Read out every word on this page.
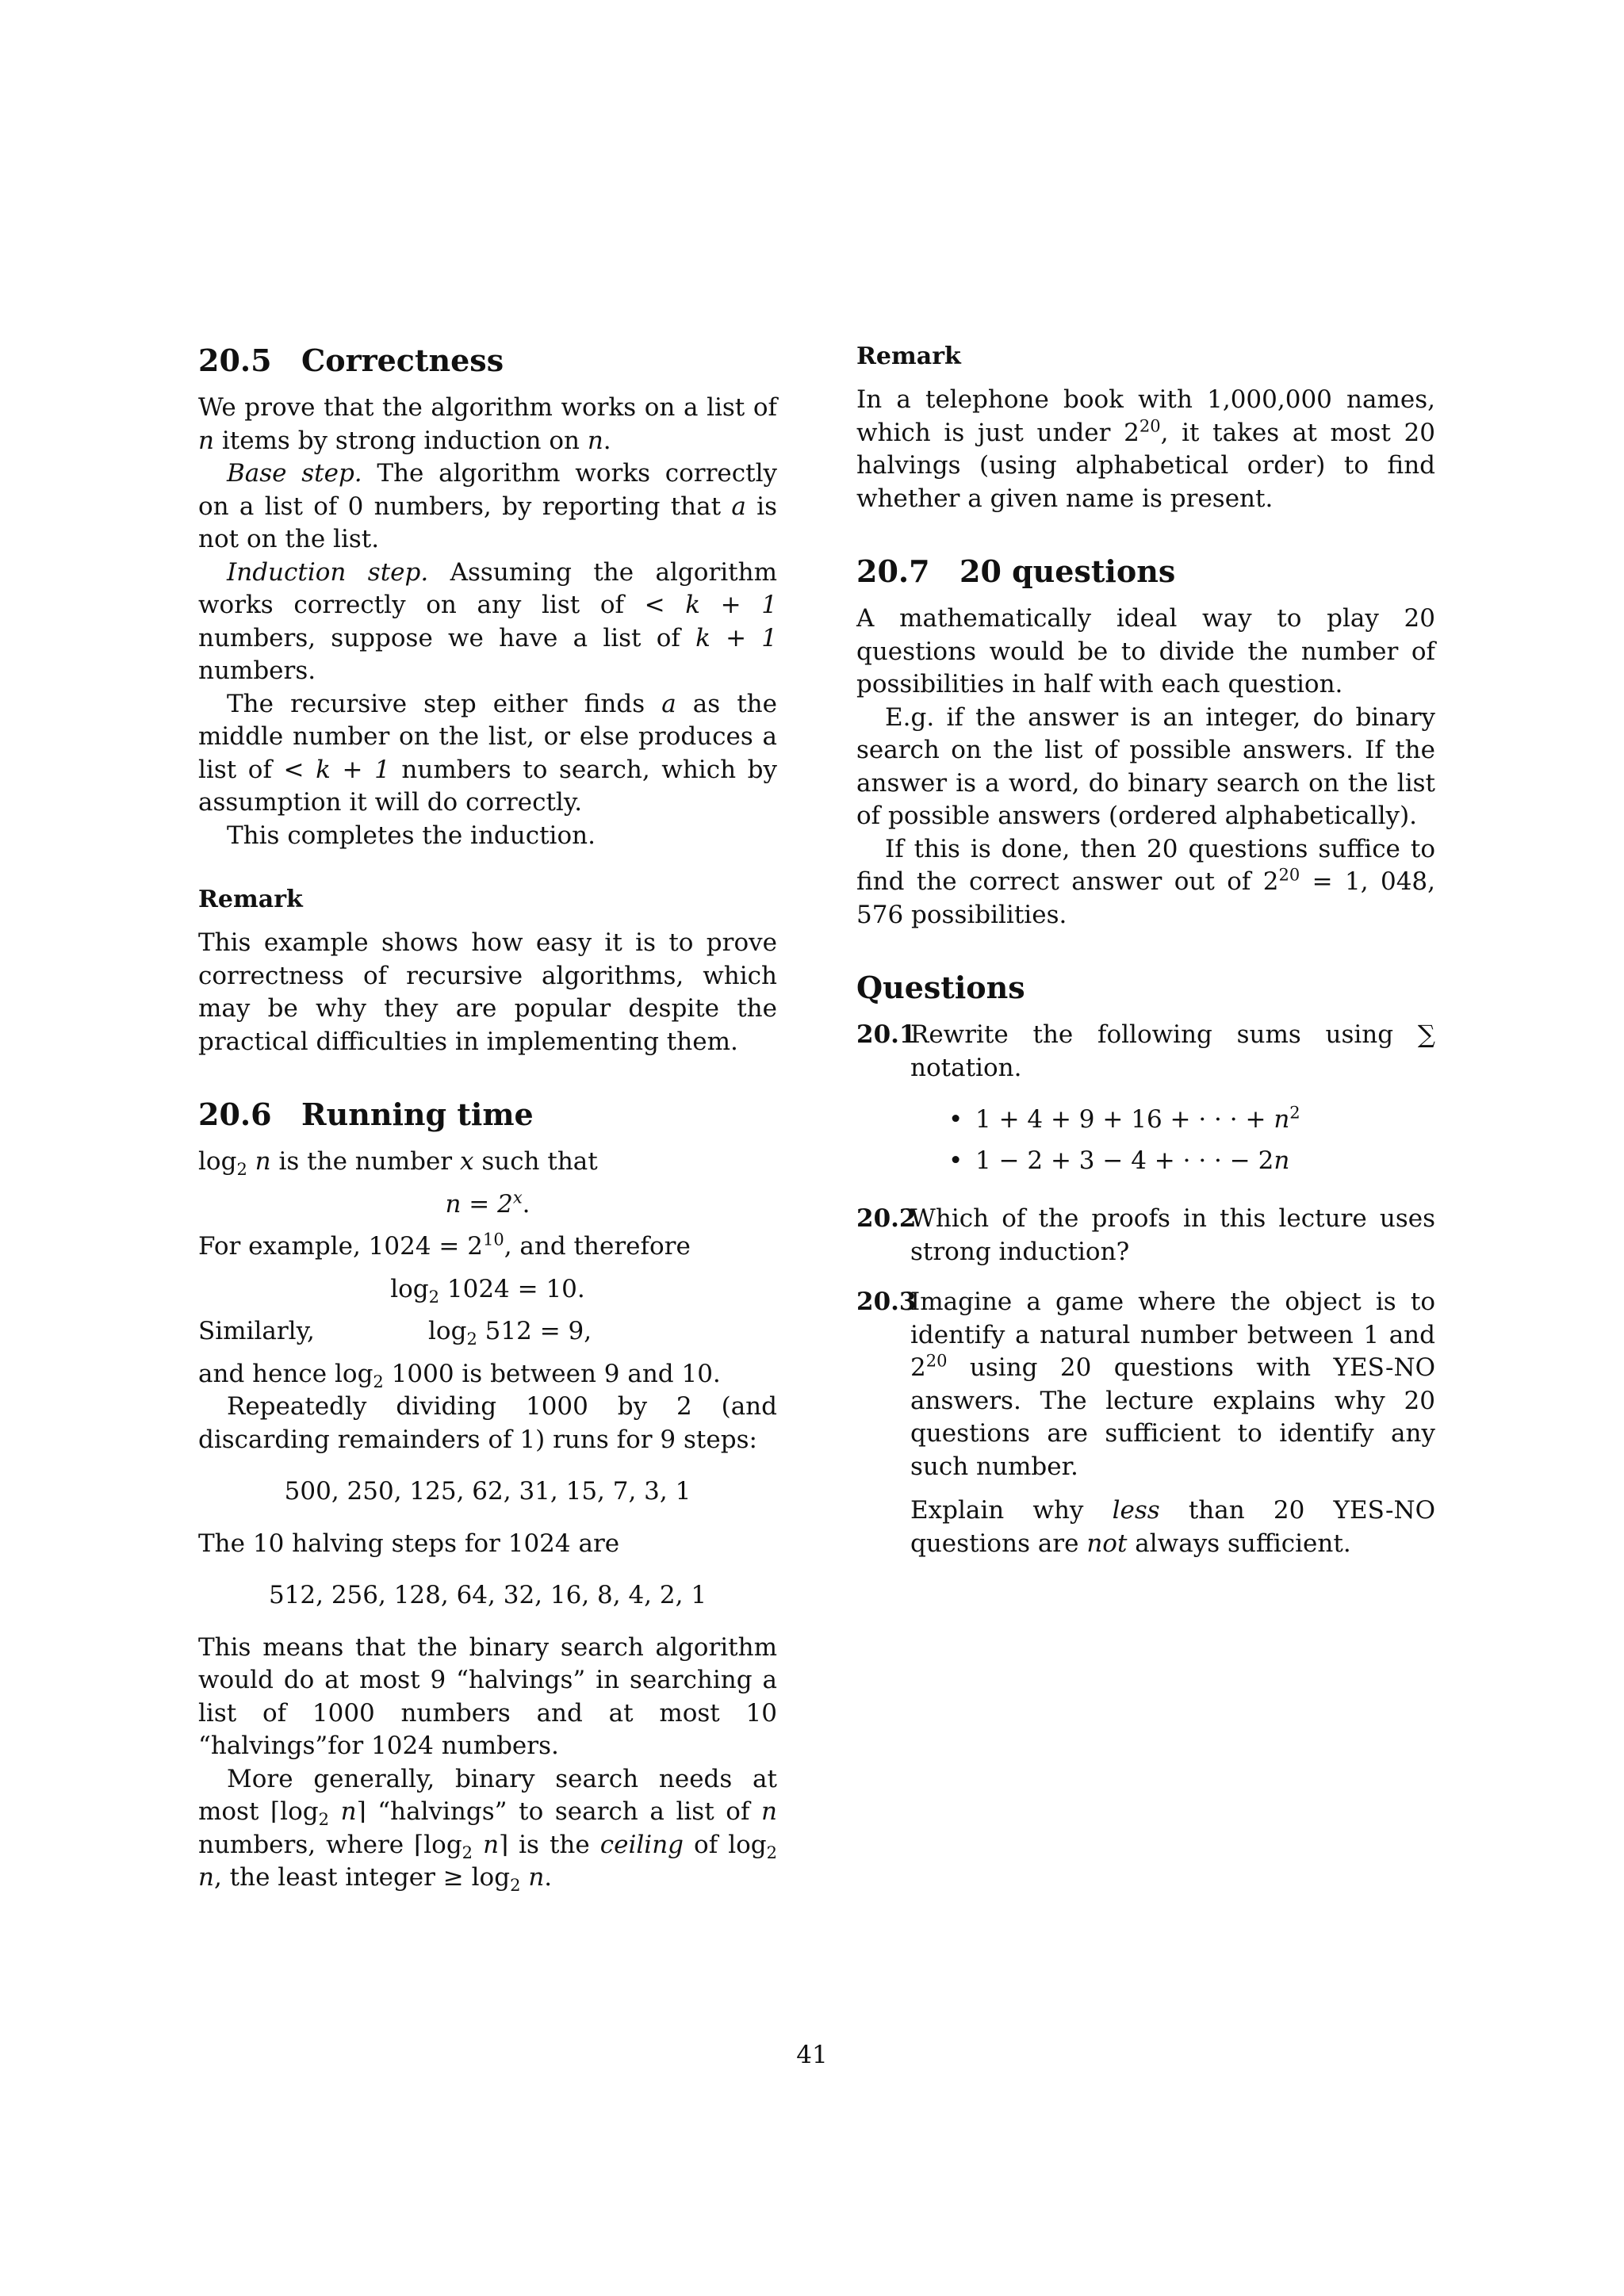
20.5 Correctness

We prove that the algorithm works on a list of n items by strong induction on n.

Base step. The algorithm works correctly on a list of 0 numbers, by reporting that a is not on the list.

Induction step. Assuming the algorithm works correctly on any list of < k + 1 numbers, suppose we have a list of k + 1 numbers.

The recursive step either finds a as the middle number on the list, or else produces a list of < k + 1 numbers to search, which by assumption it will do correctly.

This completes the induction.

Remark

This example shows how easy it is to prove correctness of recursive algorithms, which may be why they are popular despite the practical difficulties in implementing them.

20.6 Running time

$\log_2 n$ is the number x such that

$n = 2^x$.

For example, $1024 = 2^{10}$, and therefore

$\log_2 1024 = 10$.
Similarly,	$\log_2 512 = 9$,

and hence $\log_2 1000$ is between 9 and 10.

Repeatedly dividing 1000 by 2 (and discarding remainders of 1) runs for 9 steps:

500, 250, 125, 62, 31, 15, 7, 3, 1

The 10 halving steps for 1024 are

512, 256, 128, 64, 32, 16, 8, 4, 2, 1

This means that the binary search algorithm would do at most 9 “halvings” in searching a list of 1000 numbers and at most 10 “halvings”for 1024 numbers.

More generally, binary search needs at most $⌈\log_2$ n⌉ “halvings” to search a list of n numbers, where $⌈\log_2$ n⌉ is the ceiling of $\log_2 n$, the least integer ≥ $\log_2 n$.

Remark

In a telephone book with 1,000,000 names, which is just under $2^{20}$, it takes at most 20 halvings (using alphabetical order) to find whether a given name is present.

20.7 20 questions

A mathematically ideal way to play 20 questions would be to divide the number of possibilities in half with each question.

E.g. if the answer is an integer, do binary search on the list of possible answers. If the answer is a word, do binary search on the list of possible answers (ordered alphabetically).

If this is done, then 20 questions suffice to find the correct answer out of $2^{20} = 1$, 048, 576 possibilities.

Questions
20.1

Rewrite the following sums using ∑ notation.

• 1 + 4 + 9 + 16 + · · · + $n^2$
• 1 − 2 + 3 − 4 + · · · − 2n
20.2

Which of the proofs in this lecture uses strong induction?

20.3

Imagine a game where the object is to identify a natural number between 1 and $2^{20}$ using 20 questions with YES-NO answers. The lecture explains why 20 questions are sufficient to identify any such number.

Explain why less than 20 YES-NO questions are not always sufficient.

41
